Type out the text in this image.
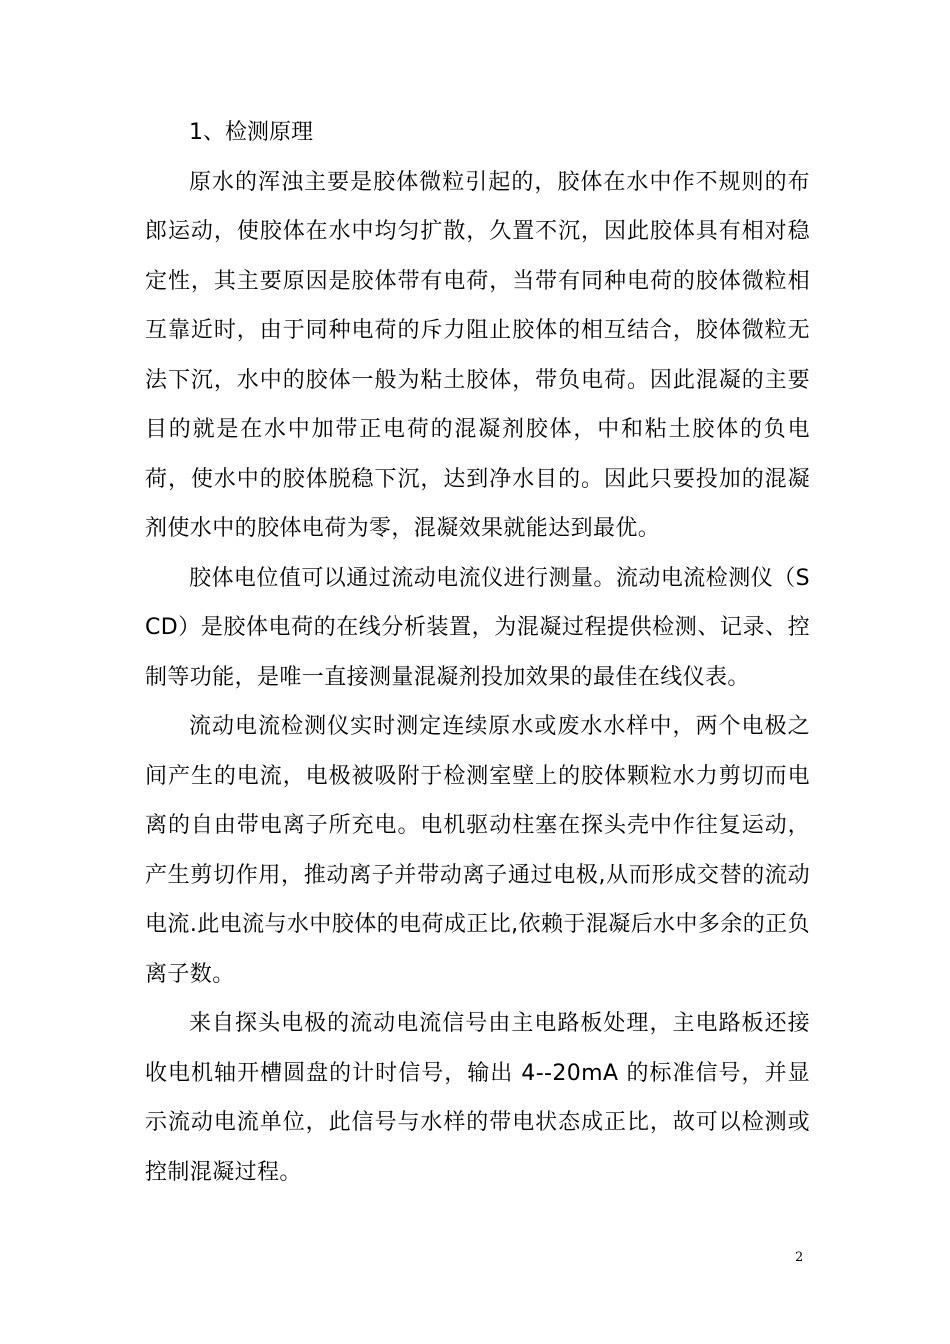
1、检测原理

原水的浑浊主要是胶体微粒引起的，胶体在水中作不规则的布郎运动，使胶体在水中均匀扩散，久置不沉，因此胶体具有相对稳定性，其主要原因是胶体带有电荷，当带有同种电荷的胶体微粒相互靠近时，由于同种电荷的斥力阻止胶体的相互结合，胶体微粒无法下沉，水中的胶体一般为粘土胶体，带负电荷。因此混凝的主要目的就是在水中加带正电荷的混凝剂胶体，中和粘土胶体的负电荷，使水中的胶体脱稳下沉，达到净水目的。因此只要投加的混凝剂使水中的胶体电荷为零，混凝效果就能达到最优。

胶体电位值可以通过流动电流仪进行测量。流动电流检测仪（SCD）是胶体电荷的在线分析装置，为混凝过程提供检测、记录、控制等功能，是唯一直接测量混凝剂投加效果的最佳在线仪表。

流动电流检测仪实时测定连续原水或废水水样中，两个电极之间产生的电流，电极被吸附于检测室壁上的胶体颗粒水力剪切而电离的自由带电离子所充电。电机驱动柱塞在探头壳中作往复运动，产生剪切作用，推动离子并带动离子通过电极,从而形成交替的流动电流.此电流与水中胶体的电荷成正比,依赖于混凝后水中多余的正负离子数。

来自探头电极的流动电流信号由主电路板处理，主电路板还接收电机轴开槽圆盘的计时信号，输出 4--20mA 的标准信号，并显示流动电流单位，此信号与水样的带电状态成正比，故可以检测或控制混凝过程。

2
